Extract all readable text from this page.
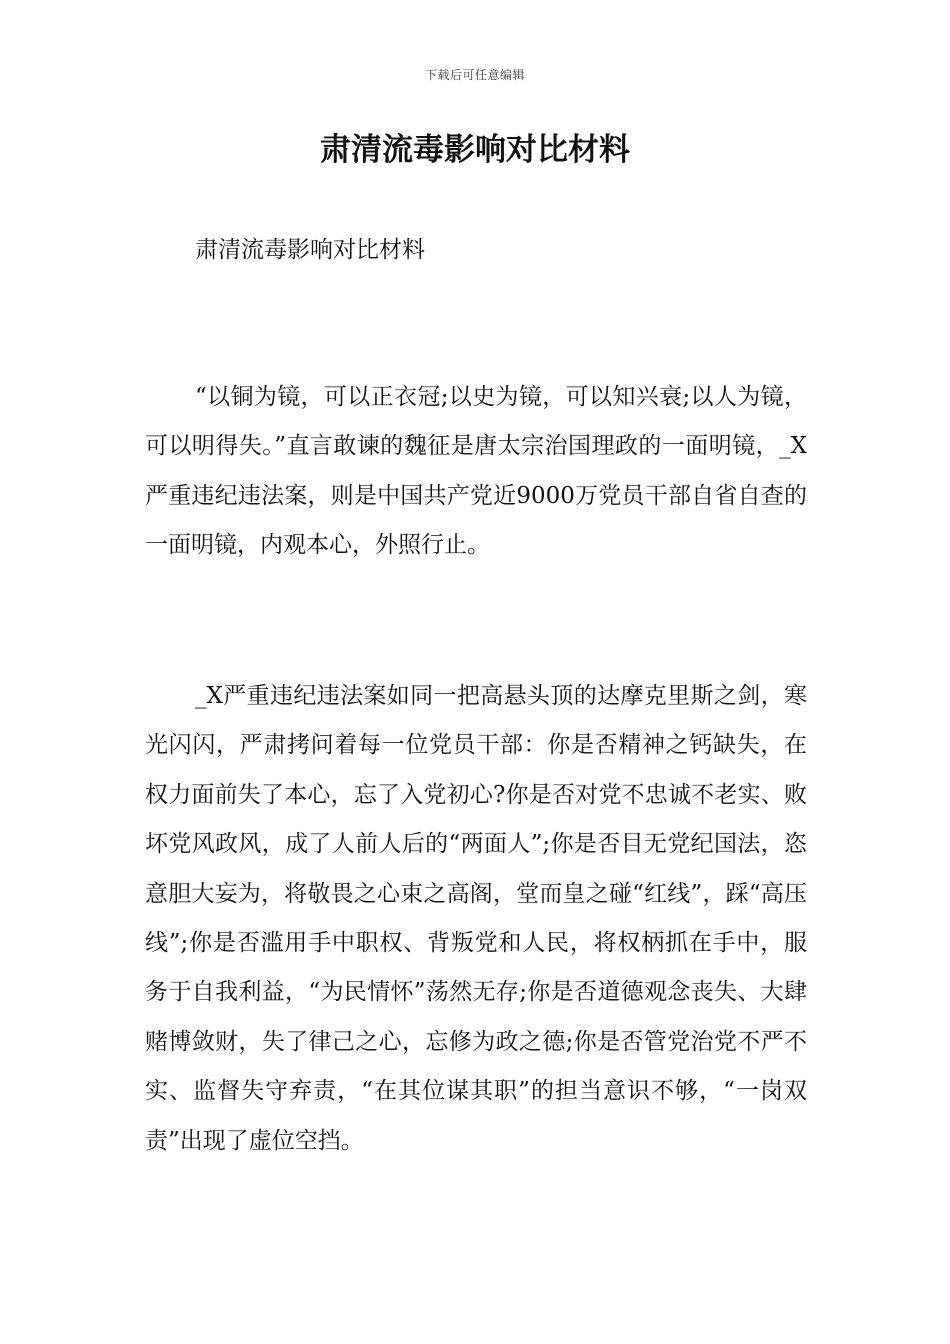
下载后可任意编辑
肃清流毒影响对比材料
肃清流毒影响对比材料

“以铜为镜，可以正衣冠;以史为镜，可以知兴衰;以人为镜，可以明得失。”直言敢谏的魏征是唐太宗治国理政的一面明镜，_X严重违纪违法案，则是中国共产党近9000万党员干部自省自查的一面明镜，内观本心，外照行止。

_X严重违纪违法案如同一把高悬头顶的达摩克里斯之剑，寒光闪闪，严肃拷问着每一位党员干部：你是否精神之钙缺失，在权力面前失了本心，忘了入党初心?你是否对党不忠诚不老实、败坏党风政风，成了人前人后的“两面人”;你是否目无党纪国法，恣意胆大妄为，将敬畏之心束之高阁，堂而皇之碰“红线”，踩“高压线”;你是否滥用手中职权、背叛党和人民，将权柄抓在手中，服务于自我利益，“为民情怀”荡然无存;你是否道德观念丧失、大肆赌博敛财，失了律己之心，忘修为政之德;你是否管党治党不严不实、监督失守弃责，“在其位谋其职”的担当意识不够，“一岗双责”出现了虚位空挡。
